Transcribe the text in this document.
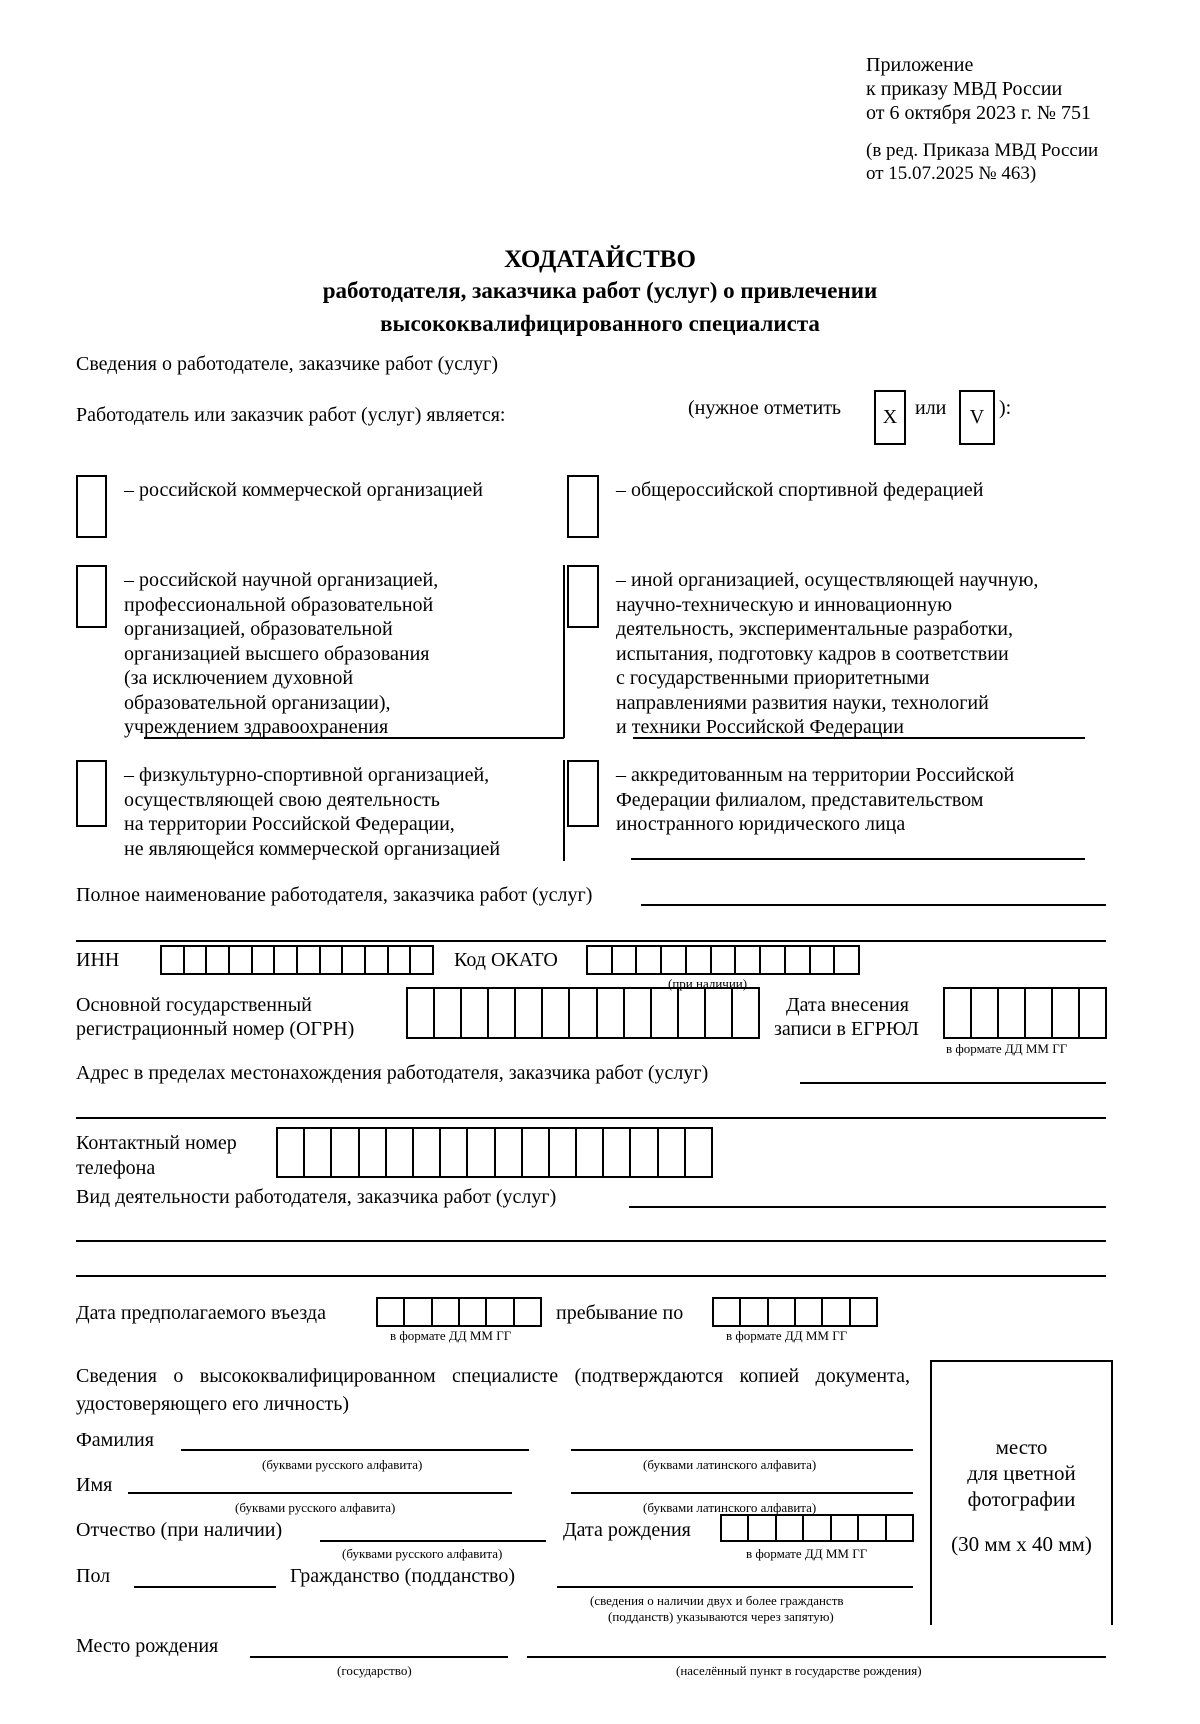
Приложение
к приказу МВД России
от 6 октября 2023 г. № 751
(в ред. Приказа МВД России
от 15.07.2025 № 463)
ХОДАТАЙСТВО
работодателя, заказчика работ (услуг) о привлечении
высококвалифицированного специалиста
Сведения о работодателе, заказчике работ (услуг)
Работодатель или заказчик работ (услуг) является:	(нужное отметить	X или	V ):
– российской коммерческой организацией	– общероссийской спортивной федерацией
– российской научной организацией,
профессиональной образовательной
организацией, образовательной
организацией высшего образования
(за исключением духовной
образовательной организации),
учреждением здравоохранения
– иной организацией, осуществляющей научную,
научно-техническую и инновационную
деятельность, экспериментальные разработки,
испытания, подготовку кадров в соответствии
с государственными приоритетными
направлениями развития науки, технологий
и техники Российской Федерации
– физкультурно-спортивной организацией,
осуществляющей свою деятельность
на территории Российской Федерации,
не являющейся коммерческой организацией
– аккредитованным на территории Российской
Федерации филиалом, представительством
иностранного юридического лица
Полное наименование работодателя, заказчика работ (услуг)
ИНН	Код ОКАТО
(при наличии)
Основной государственный
регистрационный номер (ОГРН)
Дата внесения
записи в ЕГРЮЛ
в формате ДД ММ ГГ
Адрес в пределах местонахождения работодателя, заказчика работ (услуг)
Контактный номер
телефона
Вид деятельности работодателя, заказчика работ (услуг)
Дата предполагаемого въезда
в формате ДД ММ ГГ
пребывание по
в формате ДД ММ ГГ
место
для цветной
фотографии
(30 мм x 40 мм)
Сведения о высококвалифицированном специалисте (подтверждаются копией документа, удостоверяющего его личность)
Фамилия
(буквами русского алфавита)	(буквами латинского алфавита)
Имя
(буквами русского алфавита)	(буквами латинского алфавита)
Отчество (при наличии)
(буквами русского алфавита)
Дата рождения
в формате ДД ММ ГГ
Пол	Гражданство (подданство)
(сведения о наличии двух и более гражданств
(подданств) указываются через запятую)
Место рождения
(государство)	(населённый пункт в государстве рождения)
